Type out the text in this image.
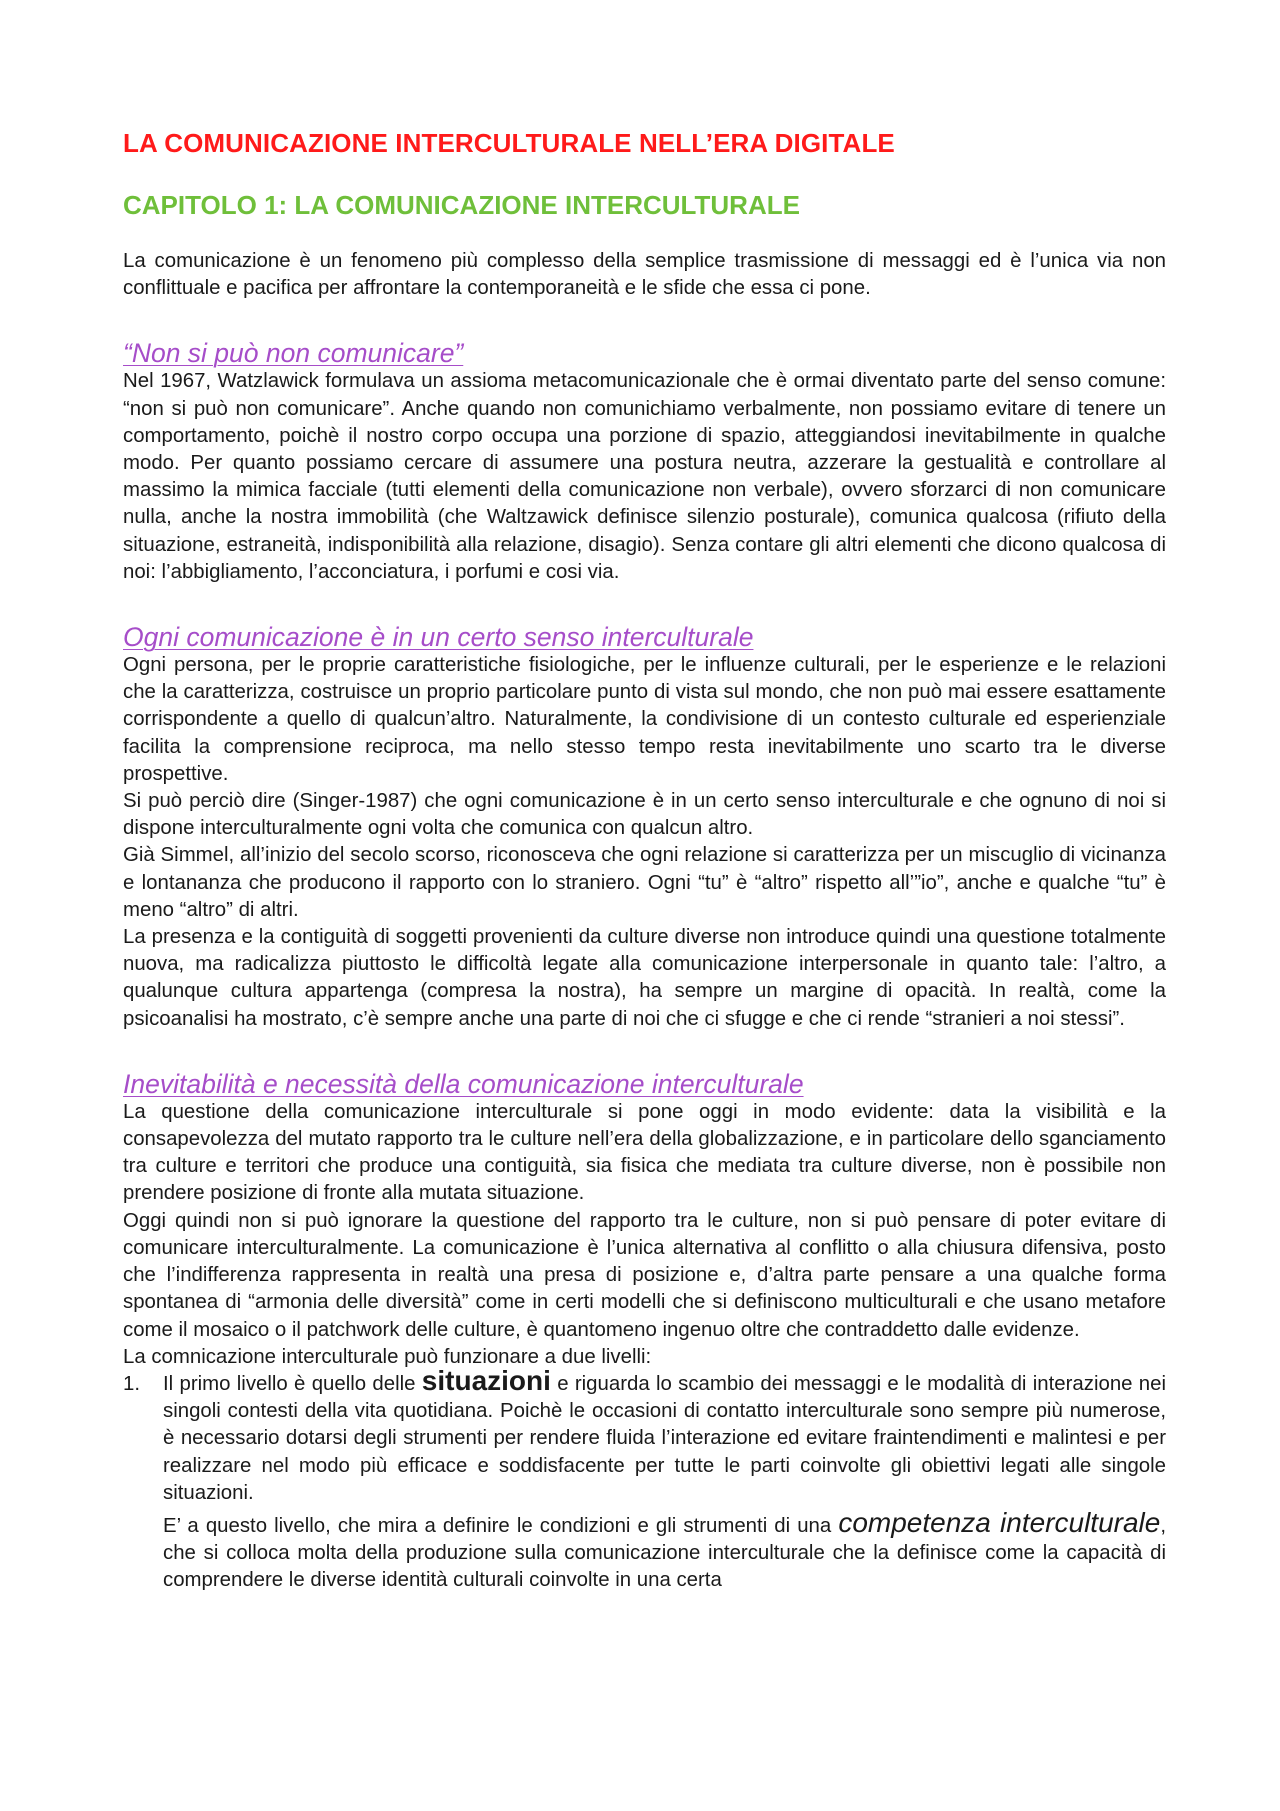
LA COMUNICAZIONE INTERCULTURALE NELL’ERA DIGITALE
CAPITOLO 1: LA COMUNICAZIONE INTERCULTURALE

La comunicazione è un fenomeno più complesso della semplice trasmissione di messaggi ed è l’unica via non conflittuale e pacifica per affrontare la contemporaneità e le sfide che essa ci pone.

“Non si può non comunicare”

Nel 1967, Watzlawick formulava un assioma metacomunicazionale che è ormai diventato parte del senso comune: “non si può non comunicare”. Anche quando non comunichiamo verbalmente, non possiamo evitare di tenere un comportamento, poichè il nostro corpo occupa una porzione di spazio, atteggiandosi inevitabilmente in qualche modo. Per quanto possiamo cercare di assumere una postura neutra, azzerare la gestualità e controllare al massimo la mimica facciale (tutti elementi della comunicazione non verbale), ovvero sforzarci di non comunicare nulla, anche la nostra immobilità (che Waltzawick definisce silenzio posturale), comunica qualcosa (rifiuto della situazione, estraneità, indisponibilità alla relazione, disagio). Senza contare gli altri elementi che dicono qualcosa di noi: l’abbigliamento, l’acconciatura, i porfumi e cosi via.

Ogni comunicazione è in un certo senso interculturale

Ogni persona, per le proprie caratteristiche fisiologiche, per le influenze culturali, per le esperienze e le relazioni che la caratterizza, costruisce un proprio particolare punto di vista sul mondo, che non può mai essere esattamente corrispondente a quello di qualcun’altro. Naturalmente, la condivisione di un contesto culturale ed esperienziale facilita la comprensione reciproca, ma nello stesso tempo resta inevitabilmente uno scarto tra le diverse prospettive.

Si può perciò dire (Singer-1987) che ogni comunicazione è in un certo senso interculturale e che ognuno di noi si dispone interculturalmente ogni volta che comunica con qualcun altro.

Già Simmel, all’inizio del secolo scorso, riconosceva che ogni relazione si caratterizza per un miscuglio di vicinanza e lontananza che producono il rapporto con lo straniero. Ogni “tu” è “altro” rispetto all’”io”, anche e qualche “tu” è meno “altro” di altri.

La presenza e la contiguità di soggetti provenienti da culture diverse non introduce quindi una questione totalmente nuova, ma radicalizza piuttosto le difficoltà legate alla comunicazione interpersonale in quanto tale: l’altro, a qualunque cultura appartenga (compresa la nostra), ha sempre un margine di opacità. In realtà, come la psicoanalisi ha mostrato, c’è sempre anche una parte di noi che ci sfugge e che ci rende “stranieri a noi stessi”.

Inevitabilità e necessità della comunicazione interculturale

La questione della comunicazione interculturale si pone oggi in modo evidente: data la visibilità e la consapevolezza del mutato rapporto tra le culture nell’era della globalizzazione, e in particolare dello sganciamento tra culture e territori che produce una contiguità, sia fisica che mediata tra culture diverse, non è possibile non prendere posizione di fronte alla mutata situazione.

Oggi quindi non si può ignorare la questione del rapporto tra le culture, non si può pensare di poter evitare di comunicare interculturalmente. La comunicazione è l’unica alternativa al conflitto o alla chiusura difensiva, posto che l’indifferenza rappresenta in realtà una presa di posizione e, d’altra parte pensare a una qualche forma spontanea di “armonia delle diversità” come in certi modelli che si definiscono multiculturali e che usano metafore come il mosaico o il patchwork delle culture, è quantomeno ingenuo oltre che contraddetto dalle evidenze.

La comnicazione interculturale può funzionare a due livelli:

1. Il primo livello è quello delle situazioni e riguarda lo scambio dei messaggi e le modalità di interazione nei singoli contesti della vita quotidiana. Poichè le occasioni di contatto interculturale sono sempre più numerose, è necessario dotarsi degli strumenti per rendere fluida l’interazione ed evitare fraintendimenti e malintesi e per realizzare nel modo più efficace e soddisfacente per tutte le parti coinvolte gli obiettivi legati alle singole situazioni.

E’ a questo livello, che mira a definire le condizioni e gli strumenti di una competenza interculturale, che si colloca molta della produzione sulla comunicazione interculturale che la definisce come la capacità di comprendere le diverse identità culturali coinvolte in una certa
